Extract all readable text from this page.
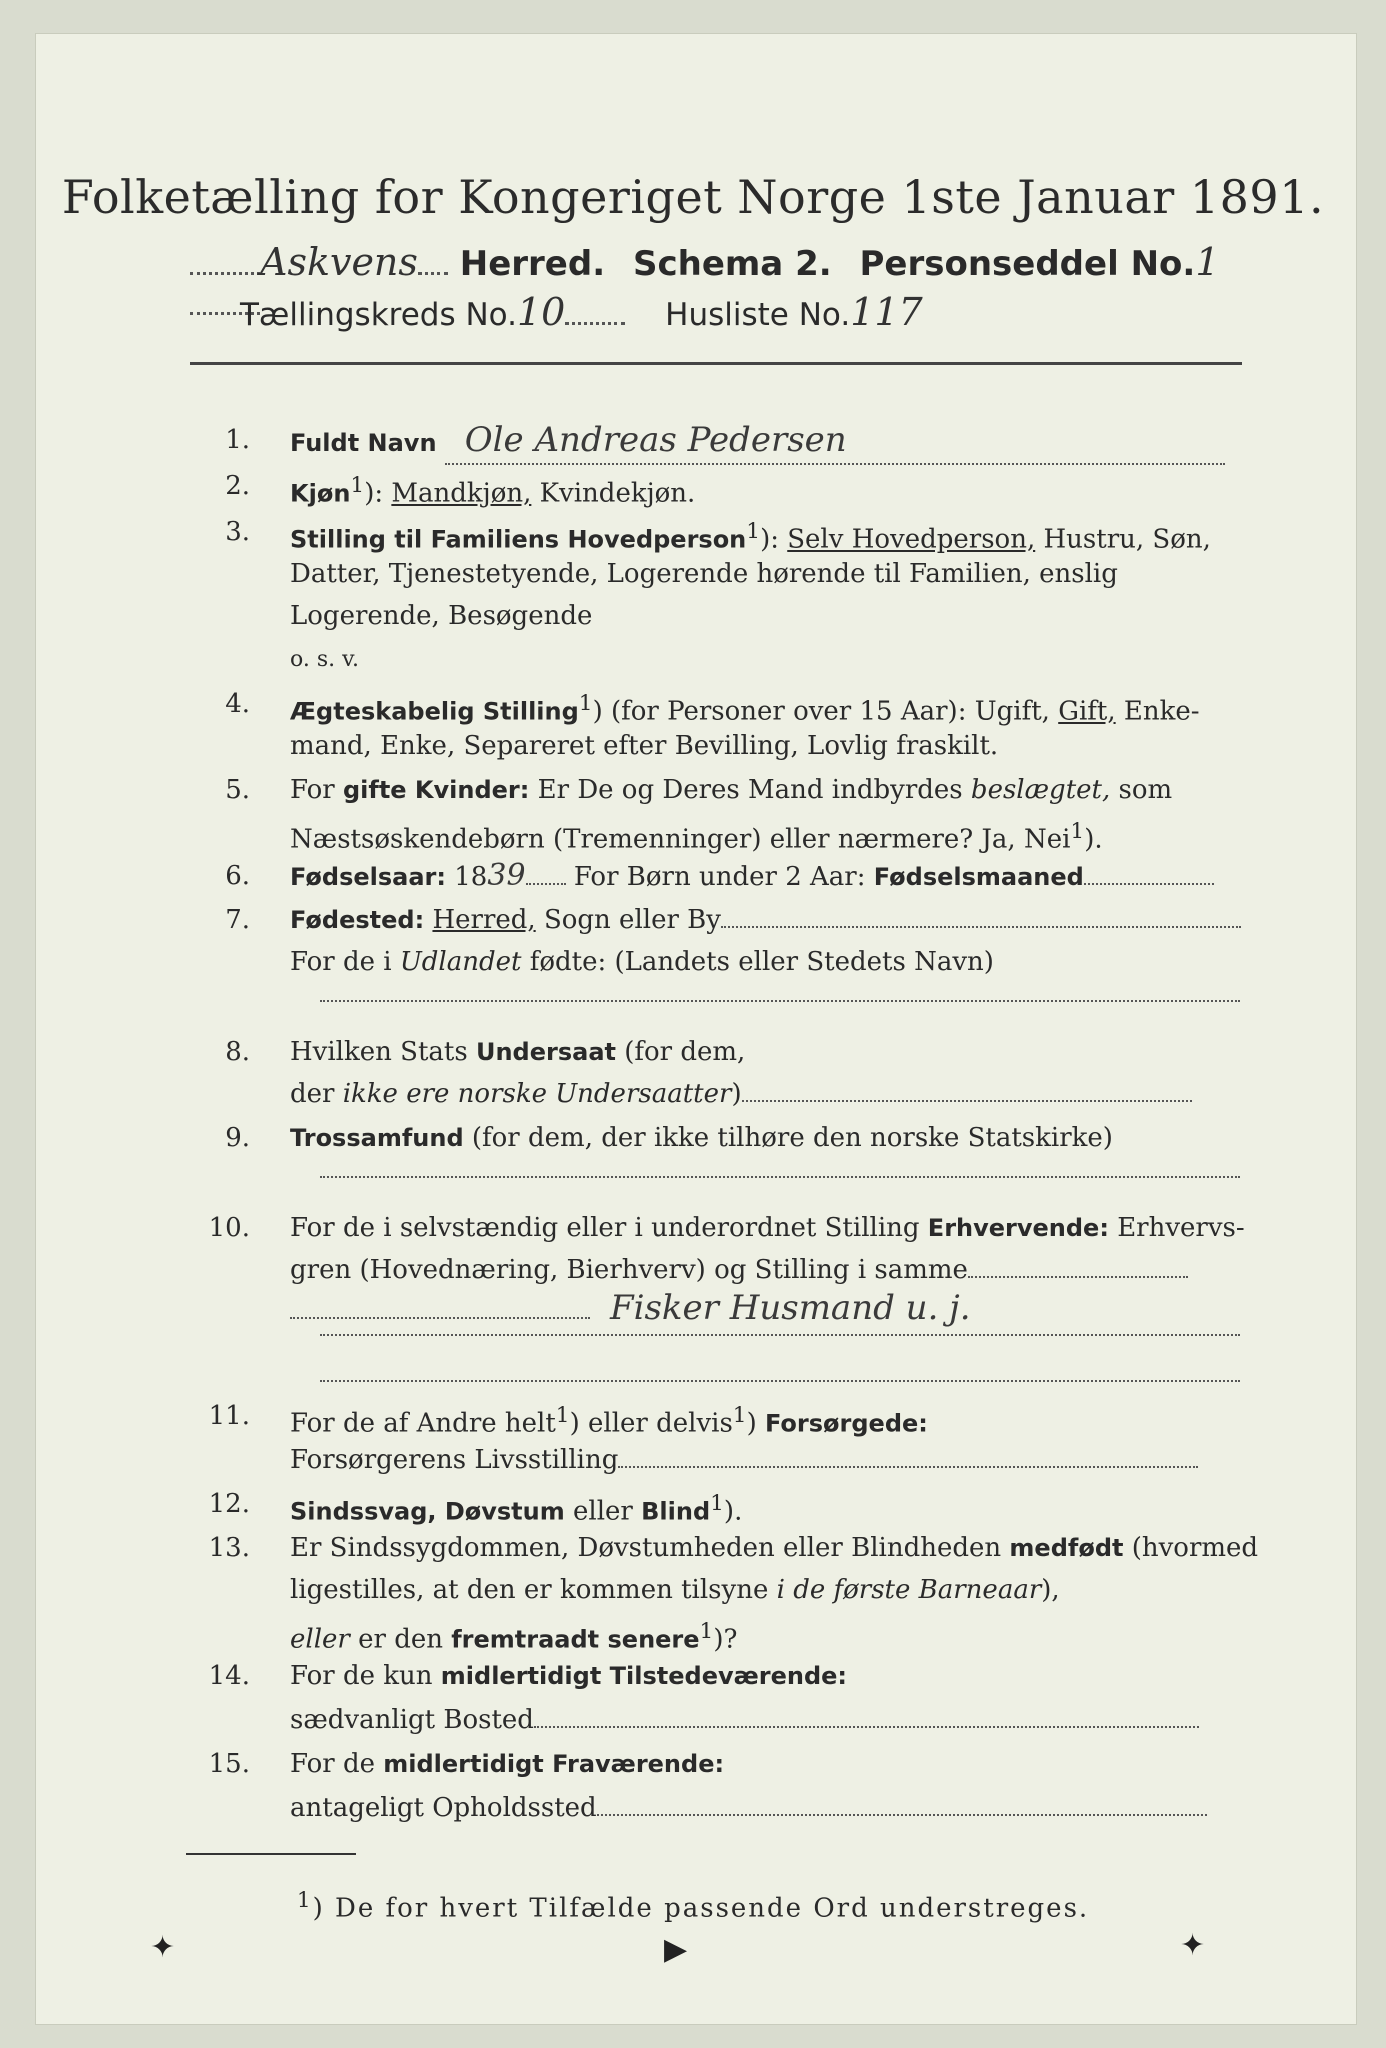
Folketælling for Kongeriget Norge 1ste Januar 1891.
Askvens Herred. Schema 2. Personseddel No.1
Tællingskreds No.10	Husliste No.117
1. Fuldt Navn Ole Andreas Pedersen
2. Kjøn$^1$): Mandkjøn, Kvindekjøn.
3. Stilling til Familiens Hovedperson$^1$): Selv Hovedperson, Hustru, Søn,
Datter, Tjenestetyende, Logerende hørende til Familien, enslig
Logerende, Besøgende
o. s. v.
4. Ægteskabelig Stilling$^1$) (for Personer over 15 Aar): Ugift, Gift, Enke-
mand, Enke, Separeret efter Bevilling, Lovlig fraskilt.
5. For gifte Kvinder: Er De og Deres Mand indbyrdes beslægtet, som
Næstsøskendebørn (Tremenninger) eller nærmere? Ja, Nei$^1$).
6. Fødselsaar: 1839 For Børn under 2 Aar: Fødselsmaaned
7. Fødested: Herred, Sogn eller By
For de i Udlandet fødte: (Landets eller Stedets Navn)
8. Hvilken Stats Undersaat (for dem,
der ikke ere norske Undersaatter)
9. Trossamfund (for dem, der ikke tilhøre den norske Statskirke)
10. For de i selvstændig eller i underordnet Stilling Erhvervende: Erhvervs-
gren (Hovednæring, Bierhverv) og Stilling i samme
Fisker Husmand u. j.
11. For de af Andre helt$^1$) eller delvis$^1$) Forsørgede:
Forsørgerens Livsstilling
12. Sindssvag, Døvstum eller Blind$^1$).
13. Er Sindssygdommen, Døvstumheden eller Blindheden medfødt (hvormed
ligestilles, at den er kommen tilsyne i de første Barneaar),
eller er den fremtraadt senere$^1$)?
14. For de kun midlertidigt Tilstedeværende:
sædvanligt Bosted
15. For de midlertidigt Fraværende:
antageligt Opholdssted
$^1$) De for hvert Tilfælde passende Ord understreges.
✦	▶	✦
